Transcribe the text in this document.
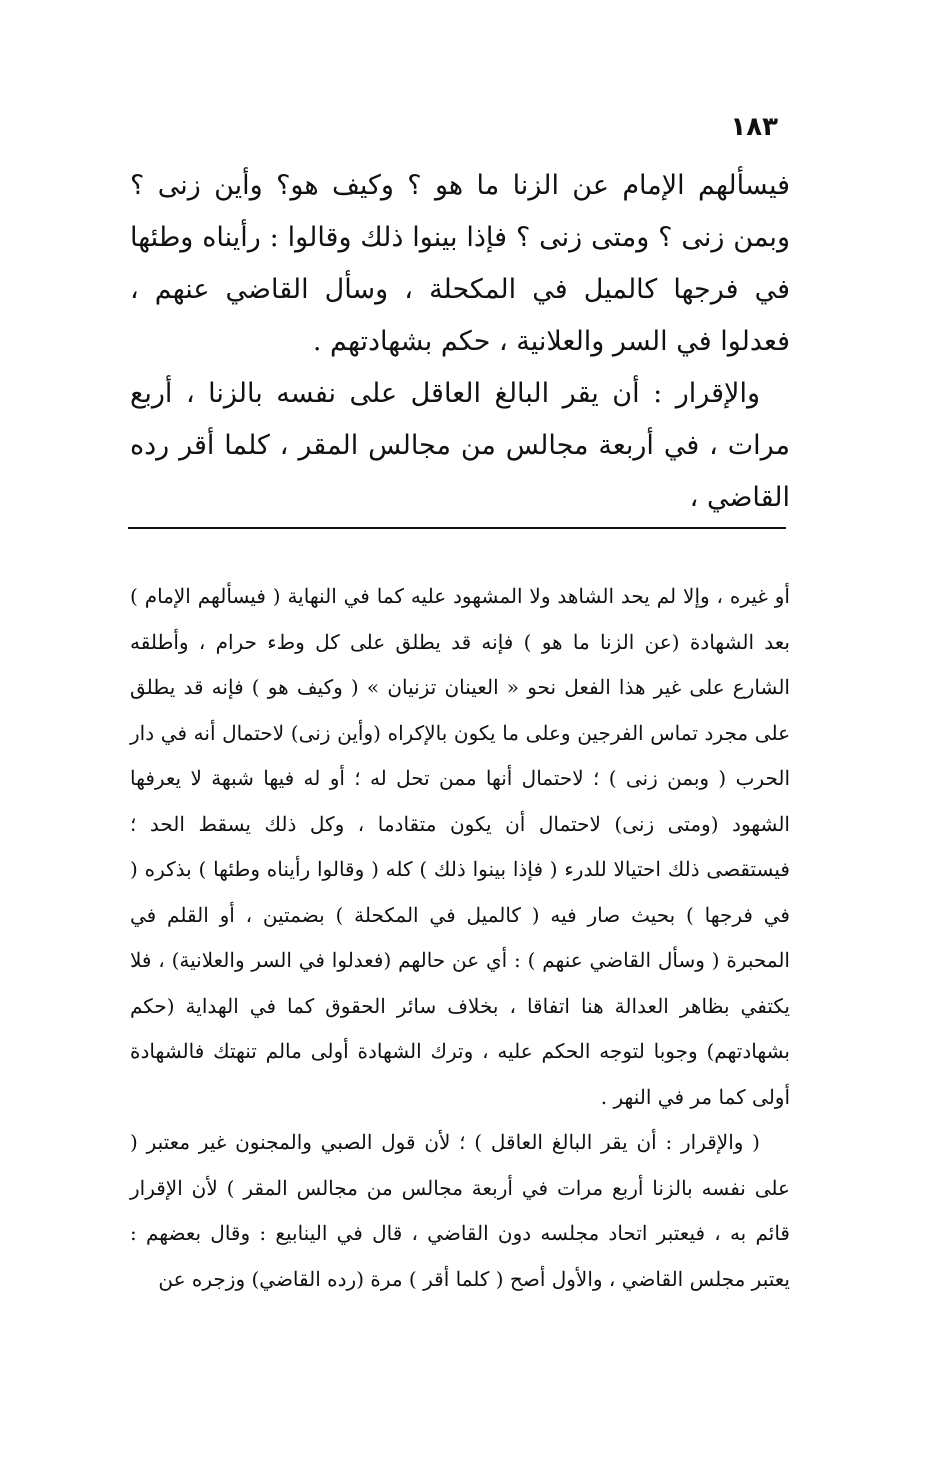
١٨٣

فيسألهم الإمام عن الزنا ما هو ؟ وكيف هو؟ وأين زنى ؟ وبمن زنى ؟ ومتى زنى ؟ فإذا بينوا ذلك وقالوا : رأيناه وطئها في فرجها كالميل في المكحلة ، وسأل القاضي عنهم ، فعدلوا في السر والعلانية ، حكم بشهادتهم .

والإقرار : أن يقر البالغ العاقل على نفسه بالزنا ، أربع مرات ، في أربعة مجالس من مجالس المقر ، كلما أقر رده القاضي ،

أو غيره ، وإلا لم يحد الشاهد ولا المشهود عليه كما في النهاية ( فيسألهم الإمام ) بعد الشهادة (عن الزنا ما هو ) فإنه قد يطلق على كل وطء حرام ، وأطلقه الشارع على غير هذا الفعل نحو « العينان تزنيان » ( وكيف هو ) فإنه قد يطلق على مجرد تماس الفرجين وعلى ما يكون بالإكراه (وأين زنى) لاحتمال أنه في دار الحرب ( وبمن زنى ) ؛ لاحتمال أنها ممن تحل له ؛ أو له فيها شبهة لا يعرفها الشهود (ومتى زنى) لاحتمال أن يكون متقادما ، وكل ذلك يسقط الحد ؛ فيستقصى ذلك احتيالا للدرء ( فإذا بينوا ذلك ) كله ( وقالوا رأيناه وطئها ) بذكره ( في فرجها ) بحيث صار فيه ( كالميل في المكحلة ) بضمتين ، أو القلم في المحبرة ( وسأل القاضي عنهم ) : أي عن حالهم (فعدلوا في السر والعلانية) ، فلا يكتفي بظاهر العدالة هنا اتفاقا ، بخلاف سائر الحقوق كما في الهداية (حكم بشهادتهم) وجوبا لتوجه الحكم عليه ، وترك الشهادة أولى مالم تنهتك فالشهادة أولى كما مر في النهر .

( والإقرار : أن يقر البالغ العاقل ) ؛ لأن قول الصبي والمجنون غير معتبر ( على نفسه بالزنا أربع مرات في أربعة مجالس من مجالس المقر ) لأن الإقرار قائم به ، فيعتبر اتحاد مجلسه دون القاضي ، قال في الينابيع : وقال بعضهم : يعتبر مجلس القاضي ، والأول أصح ( كلما أقر ) مرة (رده القاضي) وزجره عن
